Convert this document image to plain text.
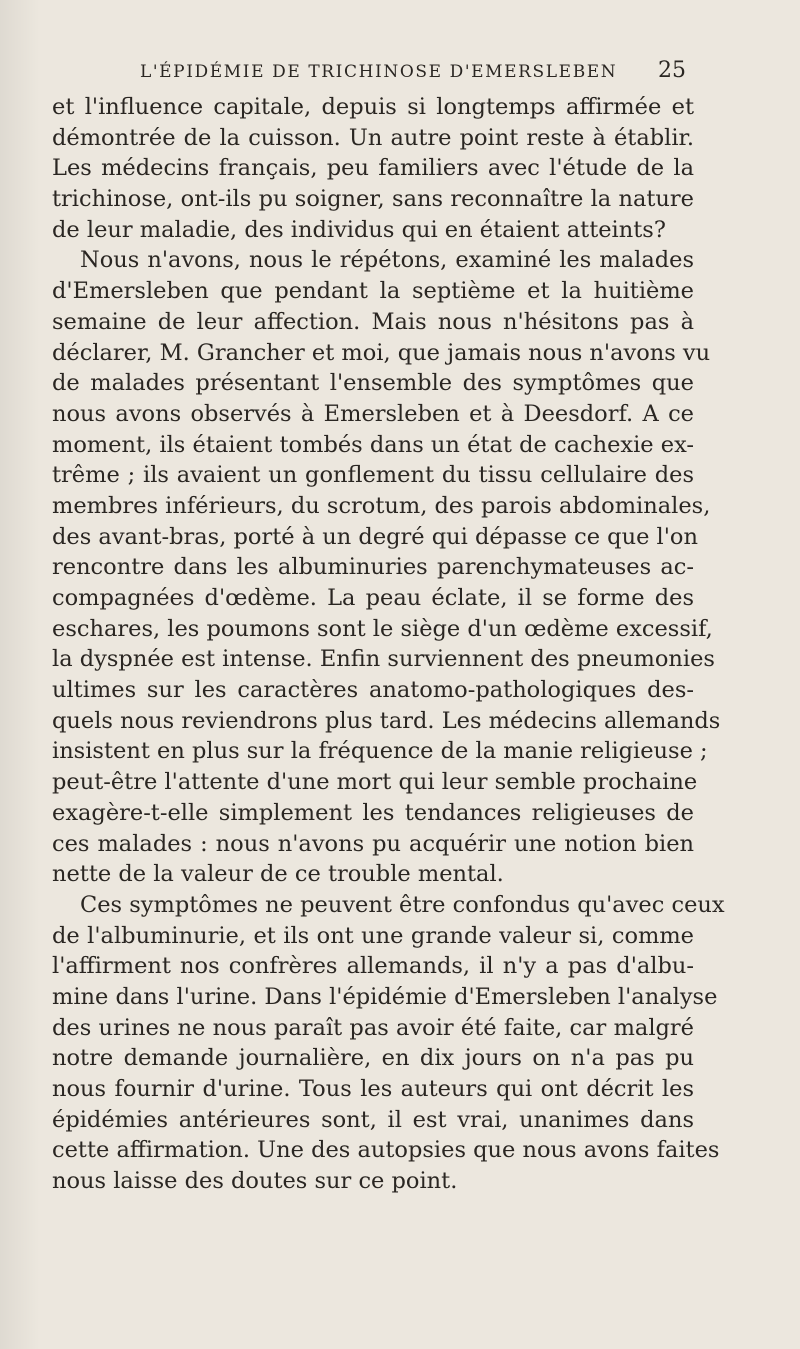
L'ÉPIDÉMIE DE TRICHINOSE D'EMERSLEBEN 25
et l'influence capitale, depuis si longtemps affirmée et
démontrée de la cuisson. Un autre point reste à établir.
Les médecins français, peu familiers avec l'étude de la
trichinose, ont-ils pu soigner, sans reconnaître la nature
de leur maladie, des individus qui en étaient atteints?
Nous n'avons, nous le répétons, examiné les malades
d'Emersleben que pendant la septième et la huitième
semaine de leur affection. Mais nous n'hésitons pas à
déclarer, M. Grancher et moi, que jamais nous n'avons vu
de malades présentant l'ensemble des symptômes que
nous avons observés à Emersleben et à Deesdorf. A ce
moment, ils étaient tombés dans un état de cachexie ex-
trême ; ils avaient un gonflement du tissu cellulaire des
membres inférieurs, du scrotum, des parois abdominales,
des avant-bras, porté à un degré qui dépasse ce que l'on
rencontre dans les albuminuries parenchymateuses ac-
compagnées d'œdème. La peau éclate, il se forme des
eschares, les poumons sont le siège d'un œdème excessif,
la dyspnée est intense. Enfin surviennent des pneumonies
ultimes sur les caractères anatomo-pathologiques des-
quels nous reviendrons plus tard. Les médecins allemands
insistent en plus sur la fréquence de la manie religieuse ;
peut-être l'attente d'une mort qui leur semble prochaine
exagère-t-elle simplement les tendances religieuses de
ces malades : nous n'avons pu acquérir une notion bien
nette de la valeur de ce trouble mental.
Ces symptômes ne peuvent être confondus qu'avec ceux
de l'albuminurie, et ils ont une grande valeur si, comme
l'affirment nos confrères allemands, il n'y a pas d'albu-
mine dans l'urine. Dans l'épidémie d'Emersleben l'analyse
des urines ne nous paraît pas avoir été faite, car malgré
notre demande journalière, en dix jours on n'a pas pu
nous fournir d'urine. Tous les auteurs qui ont décrit les
épidémies antérieures sont, il est vrai, unanimes dans
cette affirmation. Une des autopsies que nous avons faites
nous laisse des doutes sur ce point.
